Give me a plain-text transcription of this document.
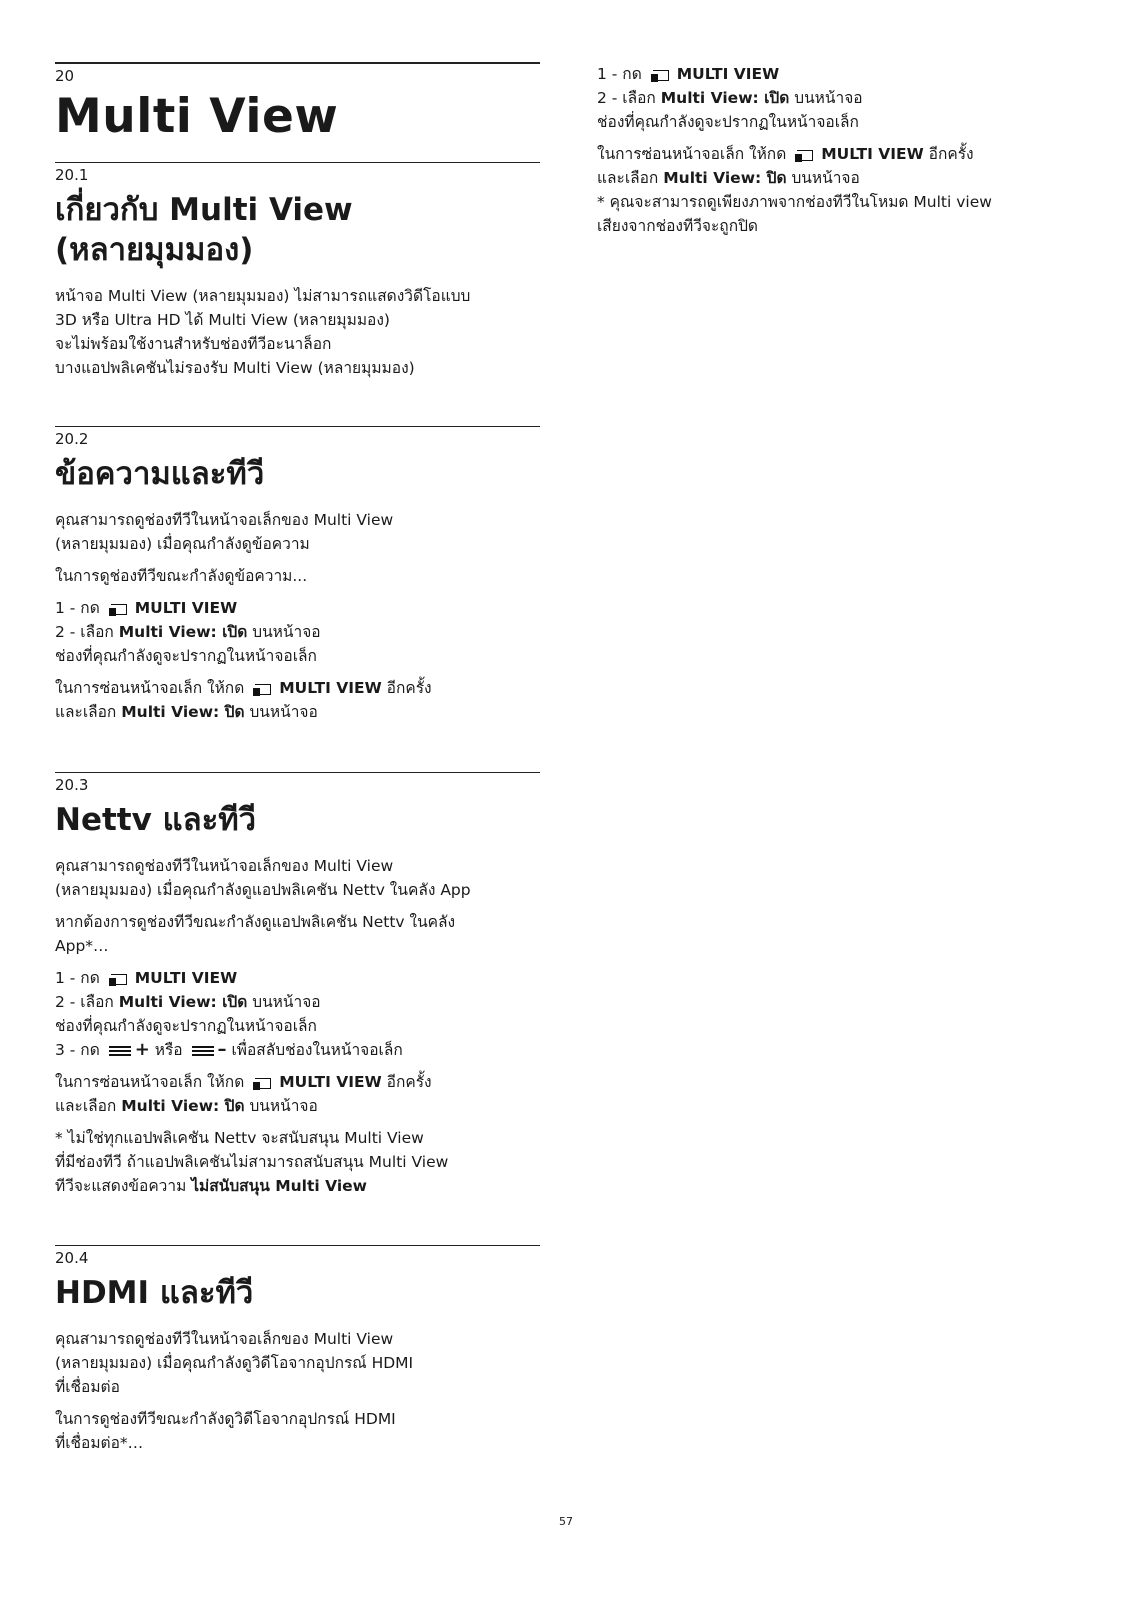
20
Multi View
20.1
เกี่ยวกับ Multi View
(หลายมุมมอง)
หน้าจอ Multi View (หลายมุมมอง) ไม่สามารถแสดงวิดีโอแบบ
3D หรือ Ultra HD ได้ Multi View (หลายมุมมอง)
จะไม่พร้อมใช้งานสำหรับช่องทีวีอะนาล็อก
บางแอปพลิเคชันไม่รองรับ Multi View (หลายมุมมอง)
20.2
ข้อความและทีวี
คุณสามารถดูช่องทีวีในหน้าจอเล็กของ Multi View
(หลายมุมมอง) เมื่อคุณกำลังดูข้อความ
ในการดูช่องทีวีขณะกำลังดูข้อความ...
1 - กด MULTI VIEW
2 - เลือก Multi View: เปิด บนหน้าจอ
ช่องที่คุณกำลังดูจะปรากฏในหน้าจอเล็ก
ในการซ่อนหน้าจอเล็ก ให้กด MULTI VIEW อีกครั้ง
และเลือก Multi View: ปิด บนหน้าจอ
20.3
Nettv และทีวี
คุณสามารถดูช่องทีวีในหน้าจอเล็กของ Multi View
(หลายมุมมอง) เมื่อคุณกำลังดูแอปพลิเคชัน Nettv ในคลัง App
หากต้องการดูช่องทีวีขณะกำลังดูแอปพลิเคชัน Nettv ในคลัง
App*…
1 - กด MULTI VIEW
2 - เลือก Multi View: เปิด บนหน้าจอ
ช่องที่คุณกำลังดูจะปรากฏในหน้าจอเล็ก
3 - กด + หรือ – เพื่อสลับช่องในหน้าจอเล็ก
ในการซ่อนหน้าจอเล็ก ให้กด MULTI VIEW อีกครั้ง
และเลือก Multi View: ปิด บนหน้าจอ
* ไม่ใช่ทุกแอปพลิเคชัน Nettv จะสนับสนุน Multi View
ที่มีช่องทีวี ถ้าแอปพลิเคชันไม่สามารถสนับสนุน Multi View
ทีวีจะแสดงข้อความ ไม่สนับสนุน Multi View
20.4
HDMI และทีวี
คุณสามารถดูช่องทีวีในหน้าจอเล็กของ Multi View
(หลายมุมมอง) เมื่อคุณกำลังดูวิดีโอจากอุปกรณ์ HDMI
ที่เชื่อมต่อ
ในการดูช่องทีวีขณะกำลังดูวิดีโอจากอุปกรณ์ HDMI
ที่เชื่อมต่อ*…
1 - กด MULTI VIEW
2 - เลือก Multi View: เปิด บนหน้าจอ
ช่องที่คุณกำลังดูจะปรากฏในหน้าจอเล็ก
ในการซ่อนหน้าจอเล็ก ให้กด MULTI VIEW อีกครั้ง
และเลือก Multi View: ปิด บนหน้าจอ
* คุณจะสามารถดูเพียงภาพจากช่องทีวีในโหมด Multi view
เสียงจากช่องทีวีจะถูกปิด
57
